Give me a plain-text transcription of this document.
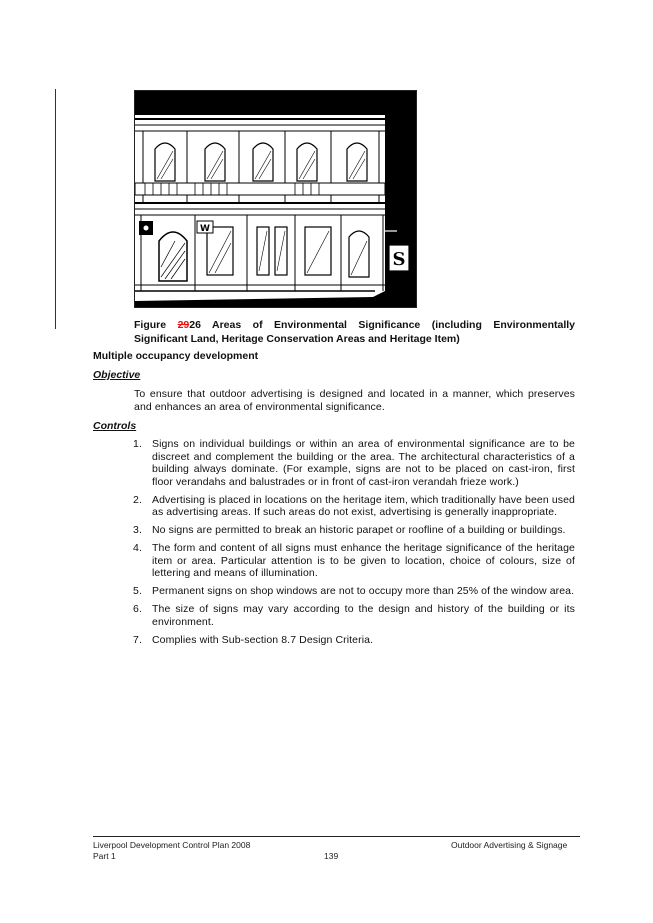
S
W
Figure 2926 Areas of Environmental Significance (including Environmentally
Significant Land, Heritage Conservation Areas and Heritage Item)
Multiple occupancy development
Objective
To ensure that outdoor advertising is designed and located in a manner, which preserves and enhances an area of environmental significance.
Controls
1. Signs on individual buildings or within an area of environmental significance are to be discreet and complement the building or the area. The architectural characteristics of a building always dominate. (For example, signs are not to be placed on cast-iron, first floor verandahs and balustrades or in front of cast-iron verandah frieze work.)
2. Advertising is placed in locations on the heritage item, which traditionally have been used as advertising areas. If such areas do not exist, advertising is generally inappropriate.
3. No signs are permitted to break an historic parapet or roofline of a building or buildings.
4. The form and content of all signs must enhance the heritage significance of the heritage item or area. Particular attention is to be given to location, choice of colours, size of lettering and means of illumination.
5. Permanent signs on shop windows are not to occupy more than 25% of the window area.
6. The size of signs may vary according to the design and history of the building or its environment.
7. Complies with Sub-section 8.7 Design Criteria.
Liverpool Development Control Plan 2008
Part 1	139
Outdoor Advertising & Signage
